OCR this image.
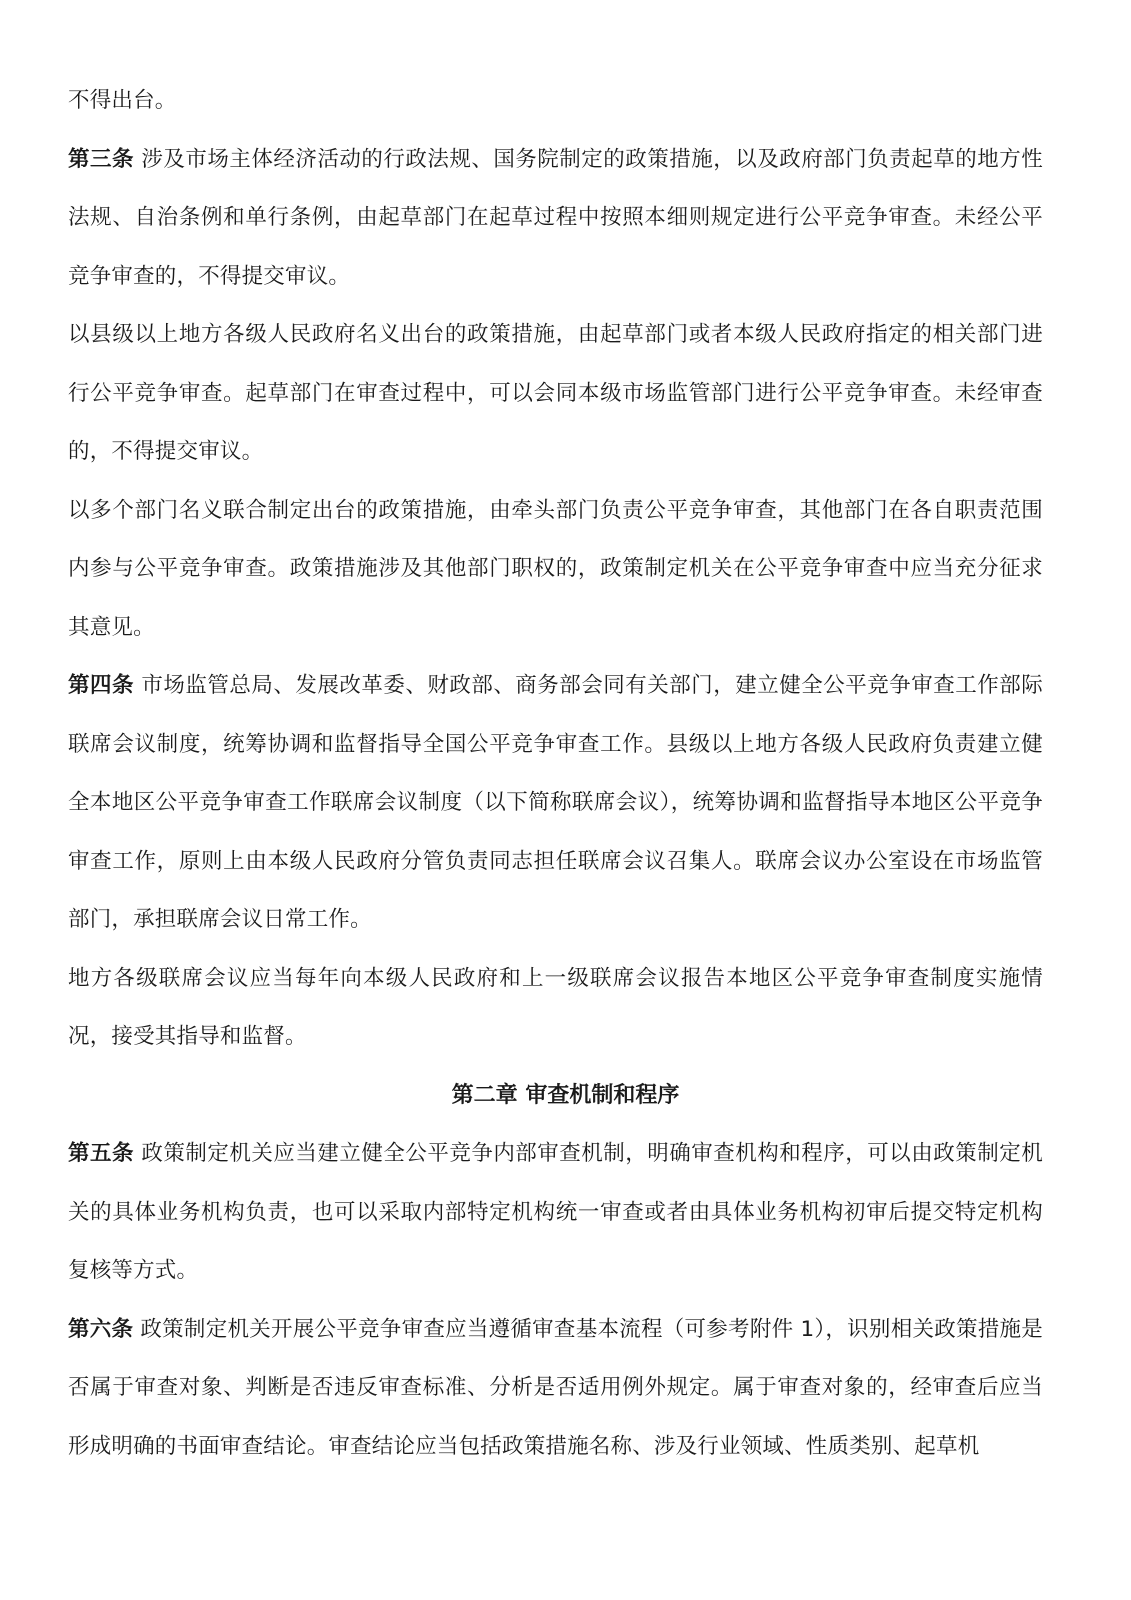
不得出台。

第三条 涉及市场主体经济活动的行政法规、国务院制定的政策措施，以及政府部门负责起草的地方性法规、自治条例和单行条例，由起草部门在起草过程中按照本细则规定进行公平竞争审查。未经公平竞争审查的，不得提交审议。

以县级以上地方各级人民政府名义出台的政策措施，由起草部门或者本级人民政府指定的相关部门进行公平竞争审查。起草部门在审查过程中，可以会同本级市场监管部门进行公平竞争审查。未经审查的，不得提交审议。

以多个部门名义联合制定出台的政策措施，由牵头部门负责公平竞争审查，其他部门在各自职责范围内参与公平竞争审查。政策措施涉及其他部门职权的，政策制定机关在公平竞争审查中应当充分征求其意见。

第四条 市场监管总局、发展改革委、财政部、商务部会同有关部门，建立健全公平竞争审查工作部际联席会议制度，统筹协调和监督指导全国公平竞争审查工作。县级以上地方各级人民政府负责建立健全本地区公平竞争审查工作联席会议制度（以下简称联席会议），统筹协调和监督指导本地区公平竞争审查工作，原则上由本级人民政府分管负责同志担任联席会议召集人。联席会议办公室设在市场监管部门，承担联席会议日常工作。

地方各级联席会议应当每年向本级人民政府和上一级联席会议报告本地区公平竞争审查制度实施情况，接受其指导和监督。

第二章 审查机制和程序

第五条 政策制定机关应当建立健全公平竞争内部审查机制，明确审查机构和程序，可以由政策制定机关的具体业务机构负责，也可以采取内部特定机构统一审查或者由具体业务机构初审后提交特定机构复核等方式。

第六条 政策制定机关开展公平竞争审查应当遵循审查基本流程（可参考附件 1），识别相关政策措施是否属于审查对象、判断是否违反审查标准、分析是否适用例外规定。属于审查对象的，经审查后应当形成明确的书面审查结论。审查结论应当包括政策措施名称、涉及行业领域、性质类别、起草机
